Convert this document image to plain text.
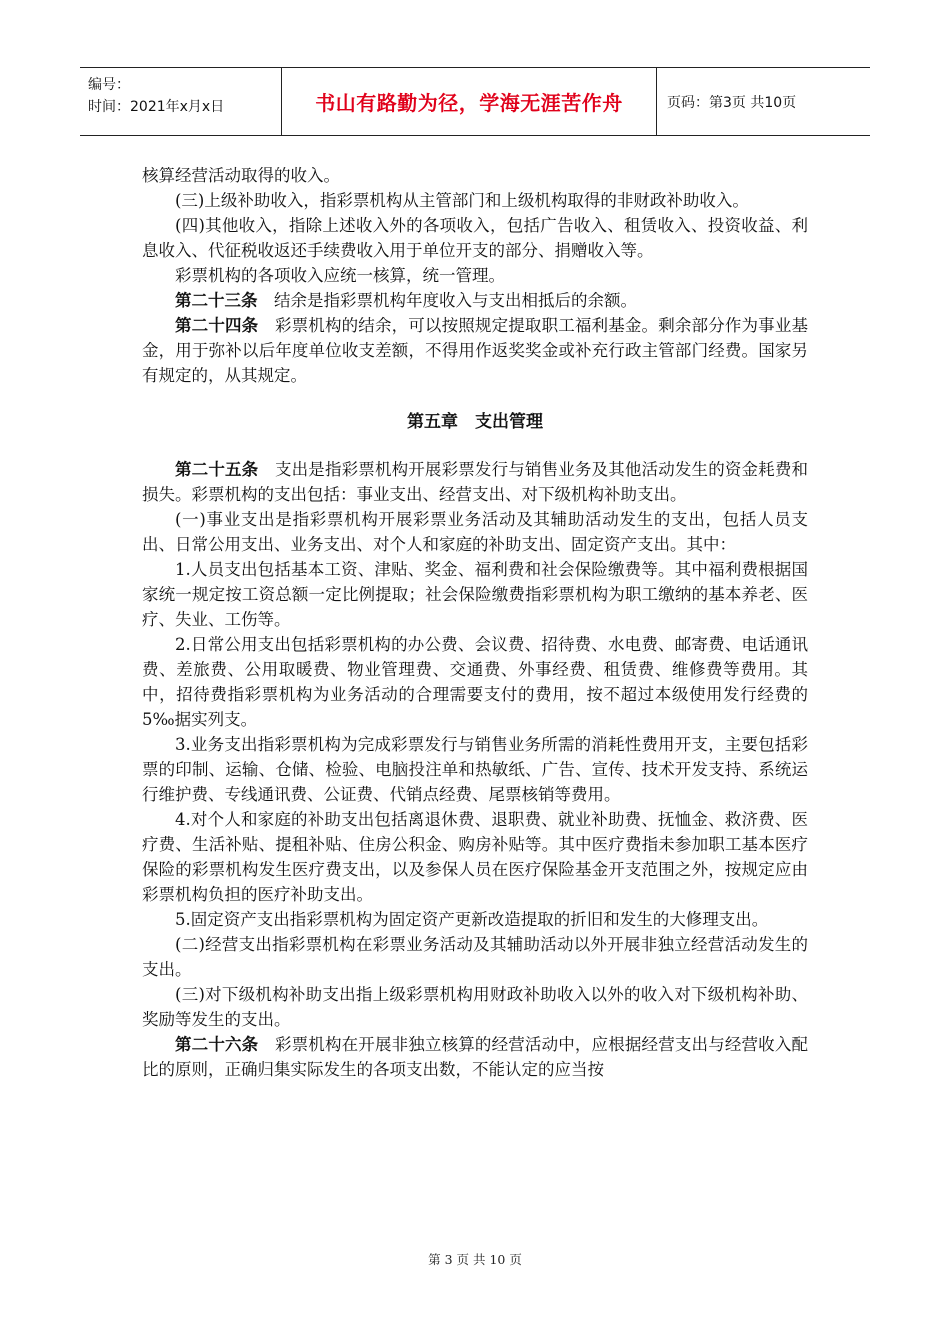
编号：
时间：2021年x月x日	书山有路勤为径，学海无涯苦作舟	页码：第3页 共10页

核算经营活动取得的收入。

(三)上级补助收入，指彩票机构从主管部门和上级机构取得的非财政补助收入。

(四)其他收入，指除上述收入外的各项收入，包括广告收入、租赁收入、投资收益、利息收入、代征税收返还手续费收入用于单位开支的部分、捐赠收入等。

彩票机构的各项收入应统一核算，统一管理。

第二十三条 结余是指彩票机构年度收入与支出相抵后的余额。

第二十四条 彩票机构的结余，可以按照规定提取职工福利基金。剩余部分作为事业基金，用于弥补以后年度单位收支差额，不得用作返奖奖金或补充行政主管部门经费。国家另有规定的，从其规定。

第五章　支出管理

第二十五条 支出是指彩票机构开展彩票发行与销售业务及其他活动发生的资金耗费和损失。彩票机构的支出包括：事业支出、经营支出、对下级机构补助支出。

(一)事业支出是指彩票机构开展彩票业务活动及其辅助活动发生的支出，包括人员支出、日常公用支出、业务支出、对个人和家庭的补助支出、固定资产支出。其中：

1.人员支出包括基本工资、津贴、奖金、福利费和社会保险缴费等。其中福利费根据国家统一规定按工资总额一定比例提取；社会保险缴费指彩票机构为职工缴纳的基本养老、医疗、失业、工伤等。

2.日常公用支出包括彩票机构的办公费、会议费、招待费、水电费、邮寄费、电话通讯费、差旅费、公用取暖费、物业管理费、交通费、外事经费、租赁费、维修费等费用。其中，招待费指彩票机构为业务活动的合理需要支付的费用，按不超过本级使用发行经费的5‰据实列支。

3.业务支出指彩票机构为完成彩票发行与销售业务所需的消耗性费用开支，主要包括彩票的印制、运输、仓储、检验、电脑投注单和热敏纸、广告、宣传、技术开发支持、系统运行维护费、专线通讯费、公证费、代销点经费、尾票核销等费用。

4.对个人和家庭的补助支出包括离退休费、退职费、就业补助费、抚恤金、救济费、医疗费、生活补贴、提租补贴、住房公积金、购房补贴等。其中医疗费指未参加职工基本医疗保险的彩票机构发生医疗费支出，以及参保人员在医疗保险基金开支范围之外，按规定应由彩票机构负担的医疗补助支出。

5.固定资产支出指彩票机构为固定资产更新改造提取的折旧和发生的大修理支出。

(二)经营支出指彩票机构在彩票业务活动及其辅助活动以外开展非独立经营活动发生的支出。

(三)对下级机构补助支出指上级彩票机构用财政补助收入以外的收入对下级机构补助、奖励等发生的支出。

第二十六条 彩票机构在开展非独立核算的经营活动中，应根据经营支出与经营收入配比的原则，正确归集实际发生的各项支出数，不能认定的应当按

第 3 页 共 10 页
